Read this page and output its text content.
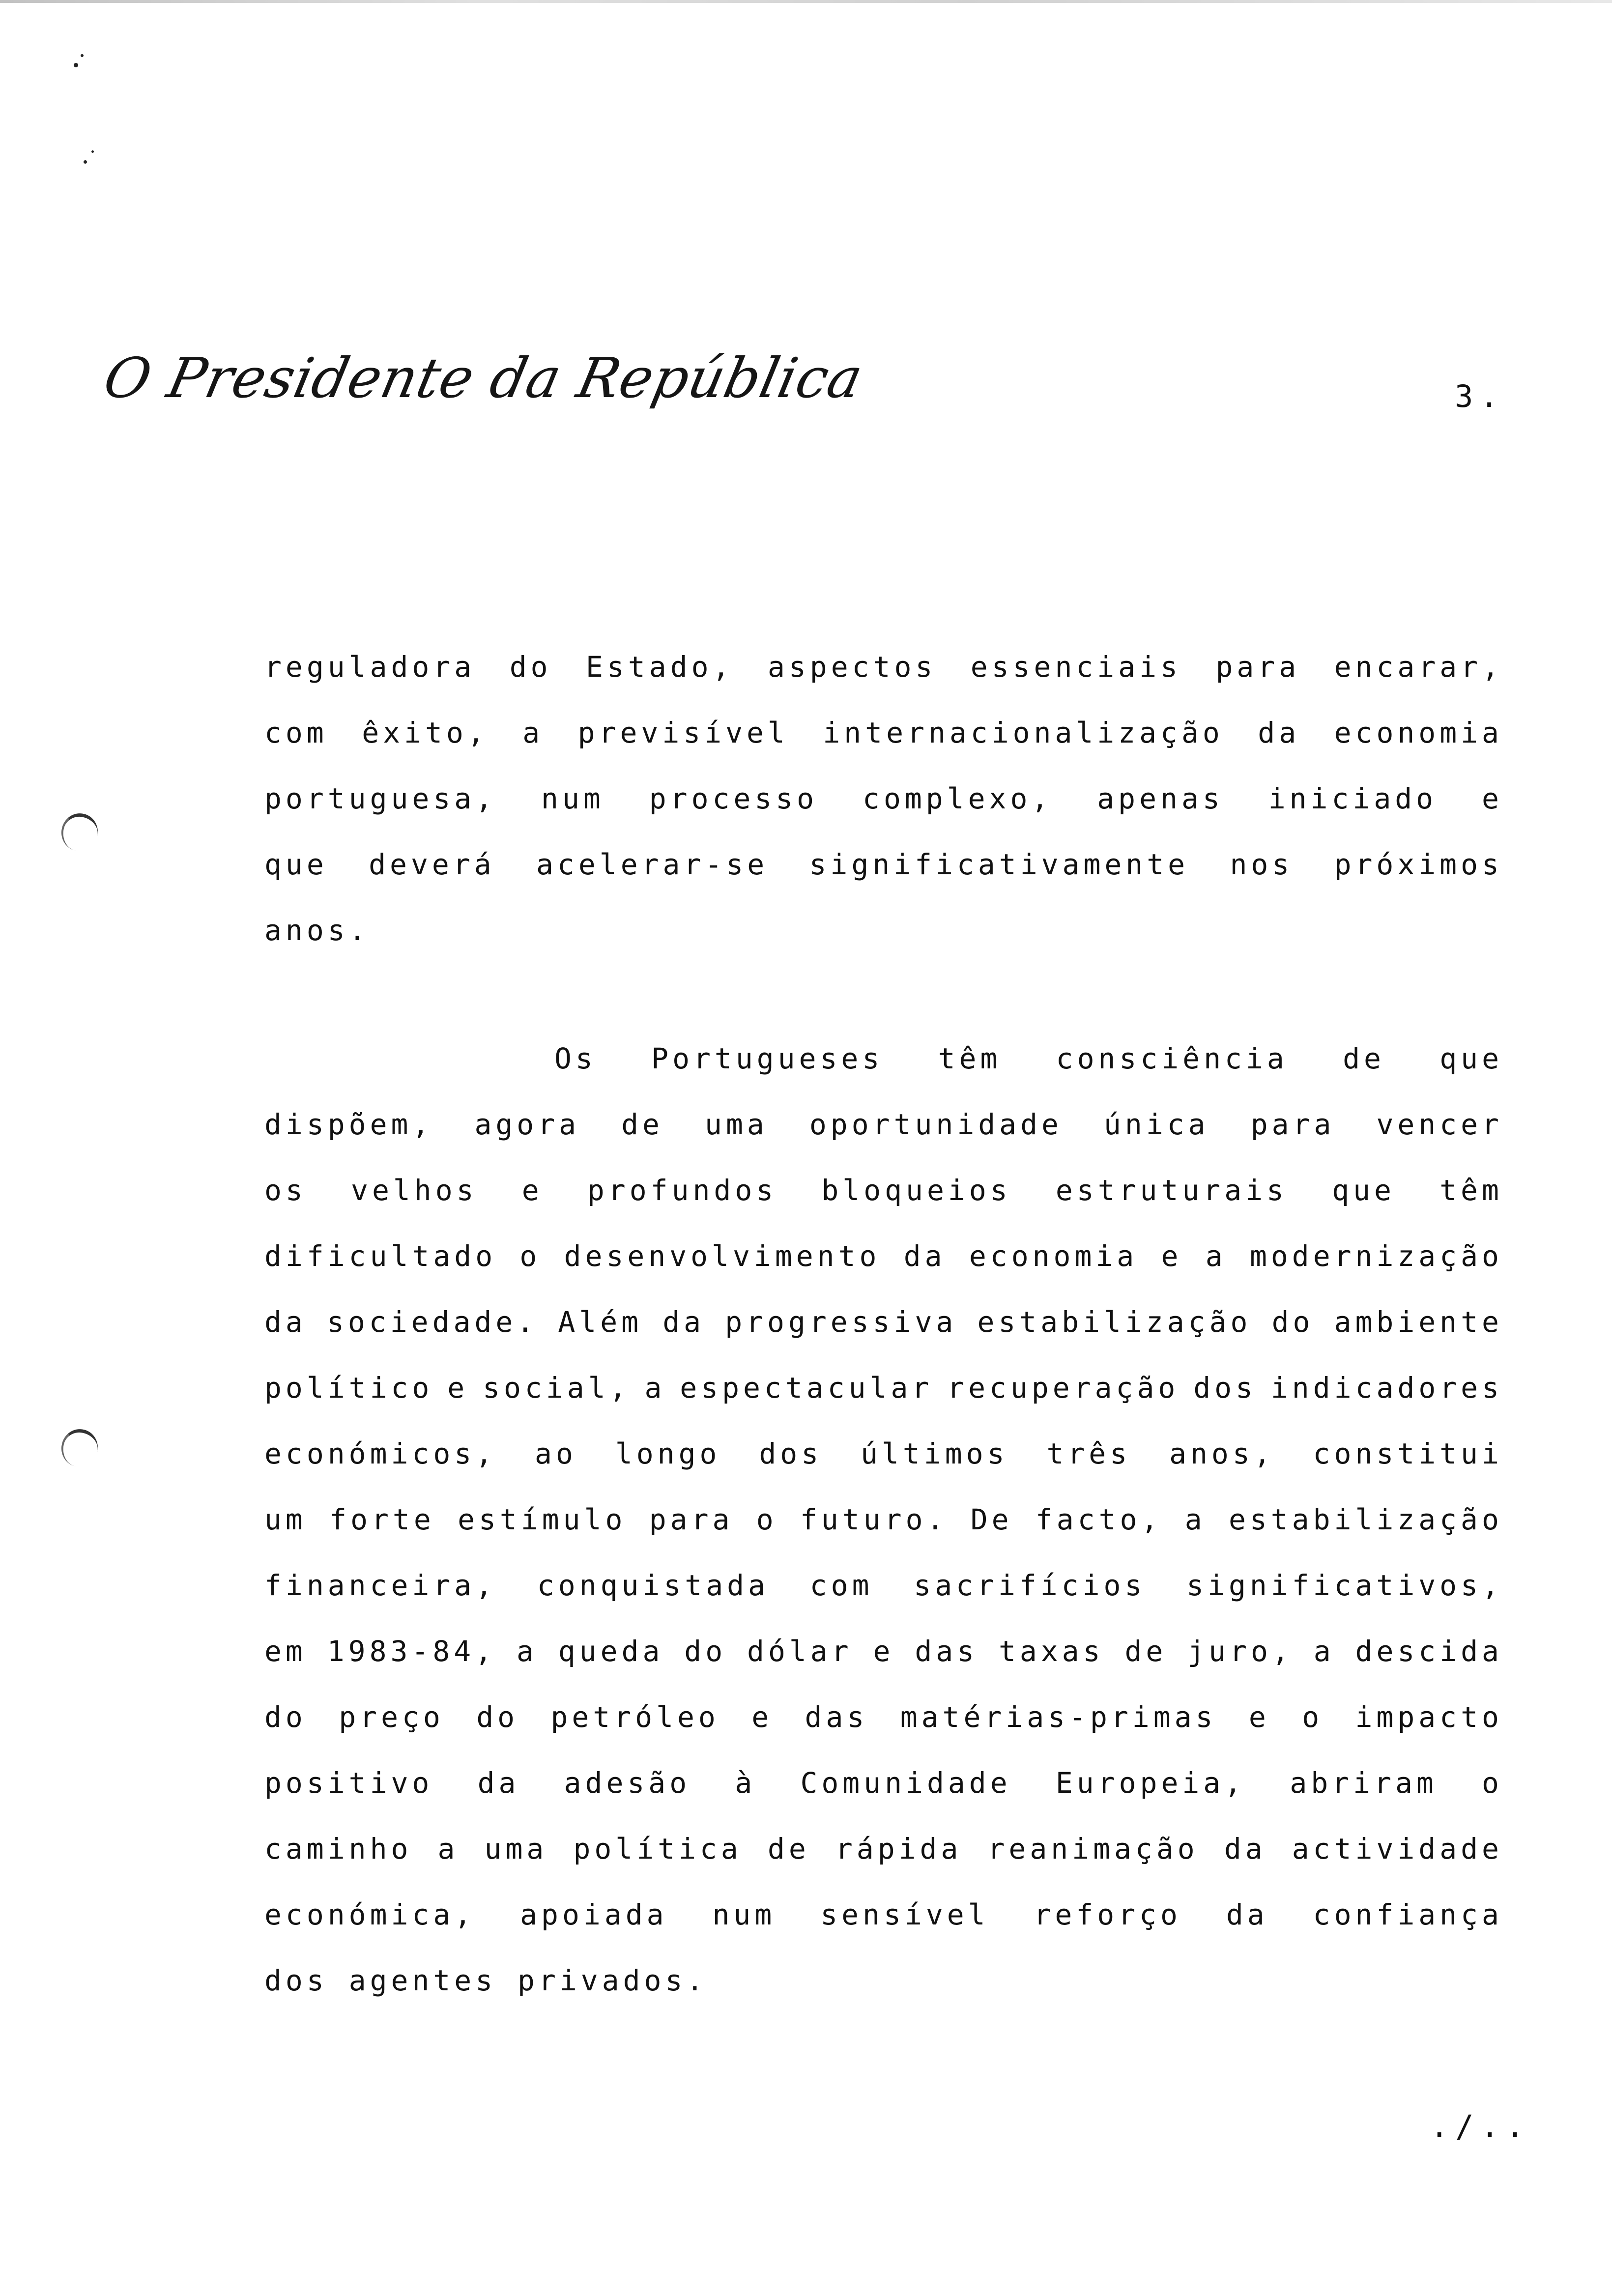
O Presidente da República	3.
reguladora do Estado, aspectos essenciais para encarar,
com êxito, a previsível internacionalização da economia
portuguesa, num processo complexo, apenas iniciado e
que deverá acelerar-se significativamente nos próximos
anos.
Os Portugueses têm consciência de que
dispõem, agora de uma oportunidade única para vencer
os velhos e profundos bloqueios estruturais que têm
dificultado o desenvolvimento da economia e a modernização
da sociedade. Além da progressiva estabilização do ambiente
político e social, a espectacular recuperação dos indicadores
económicos, ao longo dos últimos três anos, constitui
um forte estímulo para o futuro. De facto, a estabilização
financeira, conquistada com sacrifícios significativos,
em 1983-84, a queda do dólar e das taxas de juro, a descida
do preço do petróleo e das matérias-primas e o impacto
positivo da adesão à Comunidade Europeia, abriram o
caminho a uma política de rápida reanimação da actividade
económica, apoiada num sensível reforço da confiança
dos
agentes
privados.
./..
